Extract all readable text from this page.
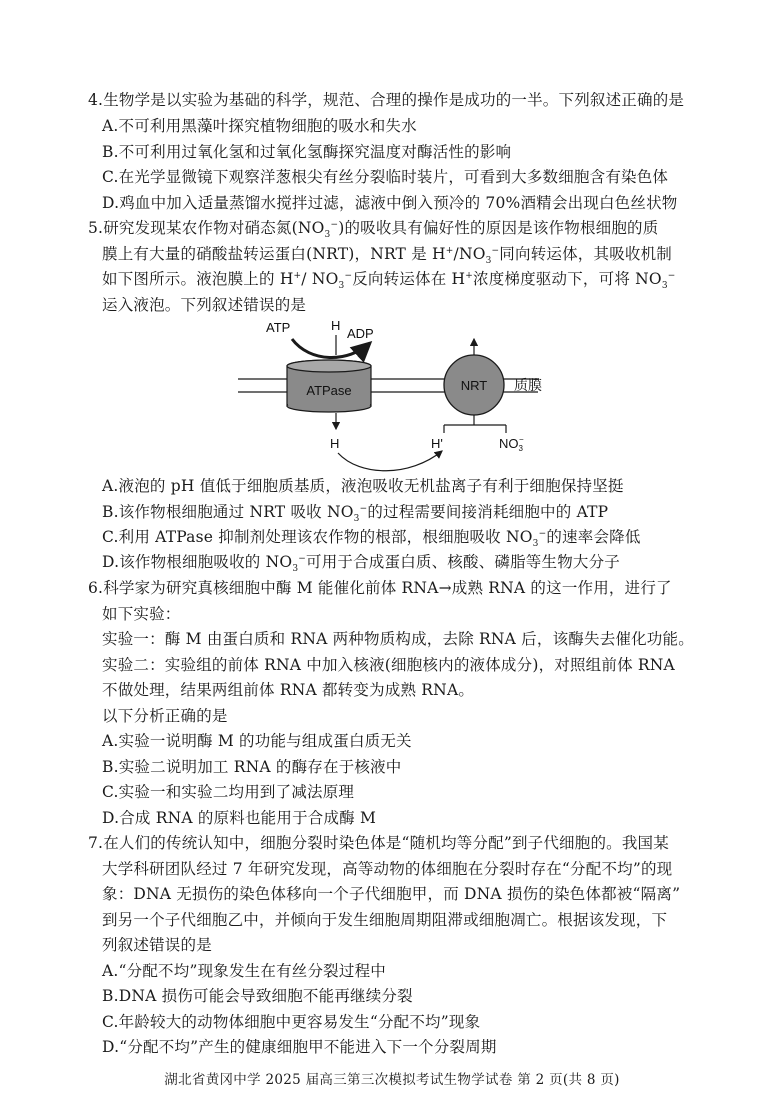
4.生物学是以实验为基础的科学，规范、合理的操作是成功的一半。下列叙述正确的是
A.不可利用黑藻叶探究植物细胞的吸水和失水
B.不可利用过氧化氢和过氧化氢酶探究温度对酶活性的影响
C.在光学显微镜下观察洋葱根尖有丝分裂临时装片，可看到大多数细胞含有染色体
D.鸡血中加入适量蒸馏水搅拌过滤，滤液中倒入预冷的 70%酒精会出现白色丝状物
5.研究发现某农作物对硝态氮$(NO_3^-)$的吸收具有偏好性的原因是该作物根细胞的质
膜上有大量的硝酸盐转运蛋白(NRT)，NRT 是 $H^+/NO_3^-$同向转运体，其吸收机制
如下图所示。液泡膜上的 H+/ $NO_3^-$反向转运体在 H+浓度梯度驱动下，可将 $NO_3^-$
运入液泡。下列叙述错误的是
ATPase
ATP	ADP
H
H
NRT
H'	$NO_3-$
质膜
A.液泡的 pH 值低于细胞质基质，液泡吸收无机盐离子有利于细胞保持坚挺
B.该作物根细胞通过 NRT 吸收 $NO_3^-$的过程需要间接消耗细胞中的 ATP
C.利用 ATPase 抑制剂处理该农作物的根部，根细胞吸收 $NO_3^-$的速率会降低
D.该作物根细胞吸收的 $NO_3^-$可用于合成蛋白质、核酸、磷脂等生物大分子
6.科学家为研究真核细胞中酶 M 能催化前体 RNA→成熟 RNA 的这一作用，进行了
如下实验：
实验一：酶 M 由蛋白质和 RNA 两种物质构成，去除 RNA 后，该酶失去催化功能。
实验二：实验组的前体 RNA 中加入核液(细胞核内的液体成分)，对照组前体 RNA
不做处理，结果两组前体 RNA 都转变为成熟 RNA。
以下分析正确的是
A.实验一说明酶 M 的功能与组成蛋白质无关
B.实验二说明加工 RNA 的酶存在于核液中
C.实验一和实验二均用到了减法原理
D.合成 RNA 的原料也能用于合成酶 M
7.在人们的传统认知中，细胞分裂时染色体是“随机均等分配”到子代细胞的。我国某
大学科研团队经过 7 年研究发现，高等动物的体细胞在分裂时存在“分配不均”的现
象：DNA 无损伤的染色体移向一个子代细胞甲，而 DNA 损伤的染色体都被“隔离”
到另一个子代细胞乙中，并倾向于发生细胞周期阻滞或细胞凋亡。根据该发现，下
列叙述错误的是
A.“分配不均”现象发生在有丝分裂过程中
B.DNA 损伤可能会导致细胞不能再继续分裂
C.年龄较大的动物体细胞中更容易发生“分配不均”现象
D.“分配不均”产生的健康细胞甲不能进入下一个分裂周期
湖北省黄冈中学 2025 届高三第三次模拟考试生物学试卷 第 2 页(共 8 页)
